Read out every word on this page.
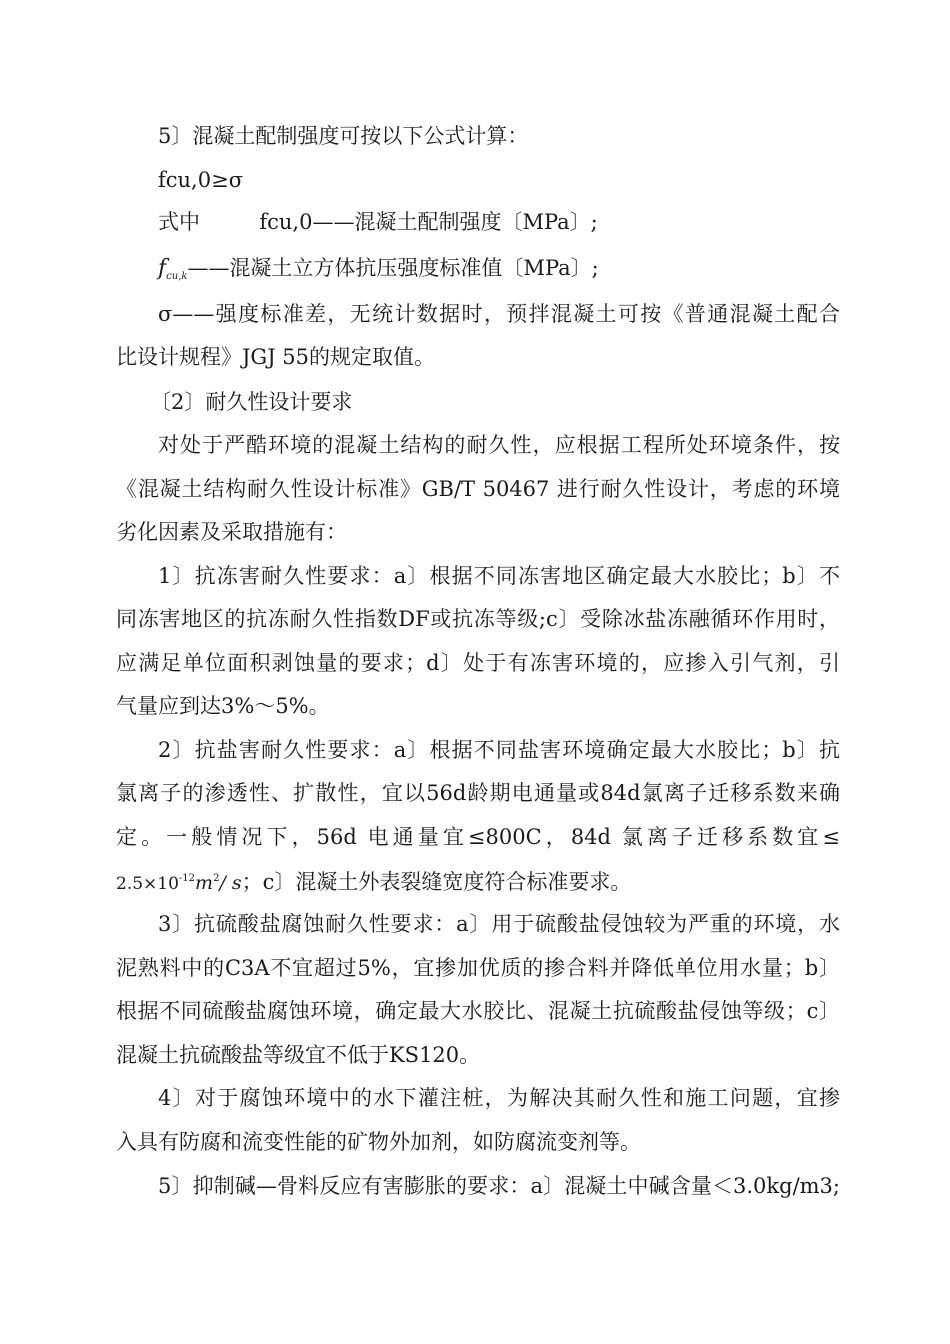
5〕混凝土配制强度可按以下公式计算：
fcu,0≥σ
式中	fcu,0——混凝土配制强度〔MPa〕;
$f_{cu,k}——$混凝土立方体抗压强度标准值〔MPa〕;
σ——强度标准差，无统计数据时，预拌混凝土可按《普通混凝土配合
比设计规程》JGJ 55的规定取值。
〔2〕耐久性设计要求
对处于严酷环境的混凝土结构的耐久性，应根据工程所处环境条件，按
《混凝土结构耐久性设计标准》GB/T 50467 进行耐久性设计，考虑的环境
劣化因素及采取措施有：
1〕抗冻害耐久性要求：a〕根据不同冻害地区确定最大水胶比；b〕不
同冻害地区的抗冻耐久性指数DF或抗冻等级;c〕受除冰盐冻融循环作用时，
应满足单位面积剥蚀量的要求；d〕处于有冻害环境的，应掺入引气剂，引
气量应到达3%～5%。
2〕抗盐害耐久性要求：a〕根据不同盐害环境确定最大水胶比；b〕抗
氯离子的渗透性、扩散性，宜以56d龄期电通量或84d氯离子迁移系数来确
定。一般情况下，56d 电通量宜≤800C，84d 氯离子迁移系数宜≤
$2.5\times 10^{-12}m^2/$ s；c〕混凝土外表裂缝宽度符合标准要求。
3〕抗硫酸盐腐蚀耐久性要求：a〕用于硫酸盐侵蚀较为严重的环境，水
泥熟料中的C3A不宜超过5%，宜掺加优质的掺合料并降低单位用水量；b〕
根据不同硫酸盐腐蚀环境，确定最大水胶比、混凝土抗硫酸盐侵蚀等级；c〕
混凝土抗硫酸盐等级宜不低于KS120。
4〕对于腐蚀环境中的水下灌注桩，为解决其耐久性和施工问题，宜掺
入具有防腐和流变性能的矿物外加剂，如防腐流变剂等。
5〕抑制碱—骨料反应有害膨胀的要求：a〕混凝土中碱含量＜3.0kg/m3;
